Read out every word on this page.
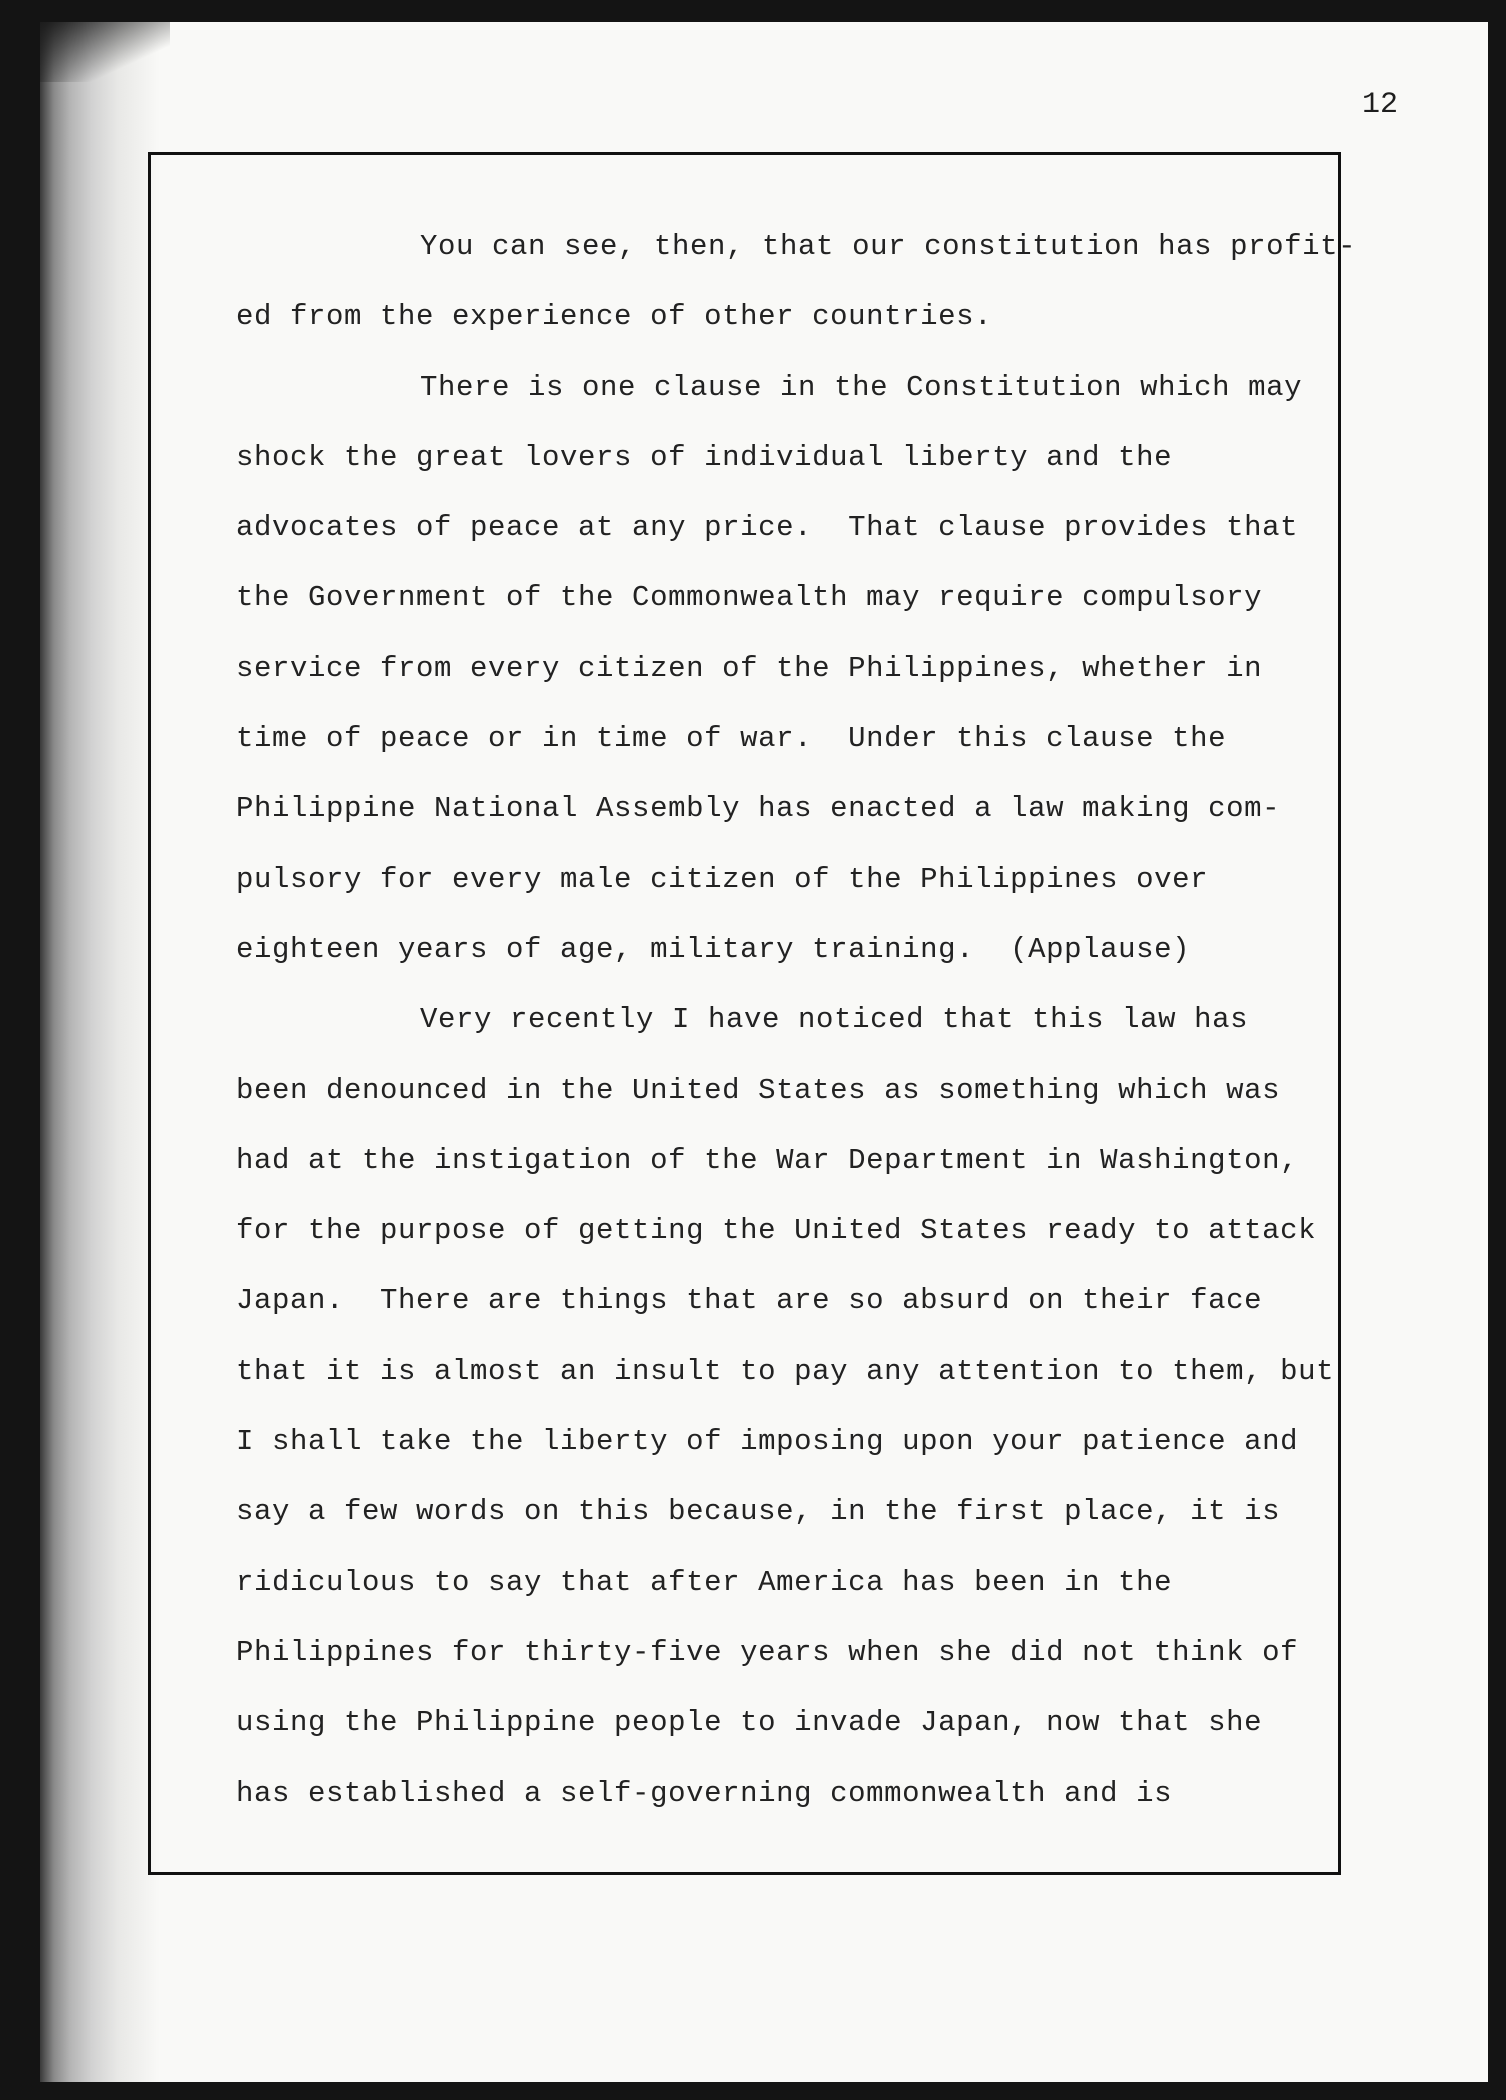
12
You can see, then, that our constitution has profit-
ed from the experience of other countries.
There is one clause in the Constitution which may
shock the great lovers of individual liberty and the
advocates of peace at any price.  That clause provides that
the Government of the Commonwealth may require compulsory
service from every citizen of the Philippines, whether in
time of peace or in time of war.  Under this clause the
Philippine National Assembly has enacted a law making com-
pulsory for every male citizen of the Philippines over
eighteen years of age, military training.  (Applause)
Very recently I have noticed that this law has
been denounced in the United States as something which was
had at the instigation of the War Department in Washington,
for the purpose of getting the United States ready to attack
Japan.  There are things that are so absurd on their face
that it is almost an insult to pay any attention to them, but
I shall take the liberty of imposing upon your patience and
say a few words on this because, in the first place, it is
ridiculous to say that after America has been in the
Philippines for thirty-five years when she did not think of
using the Philippine people to invade Japan, now that she
has established a self-governing commonwealth and is
